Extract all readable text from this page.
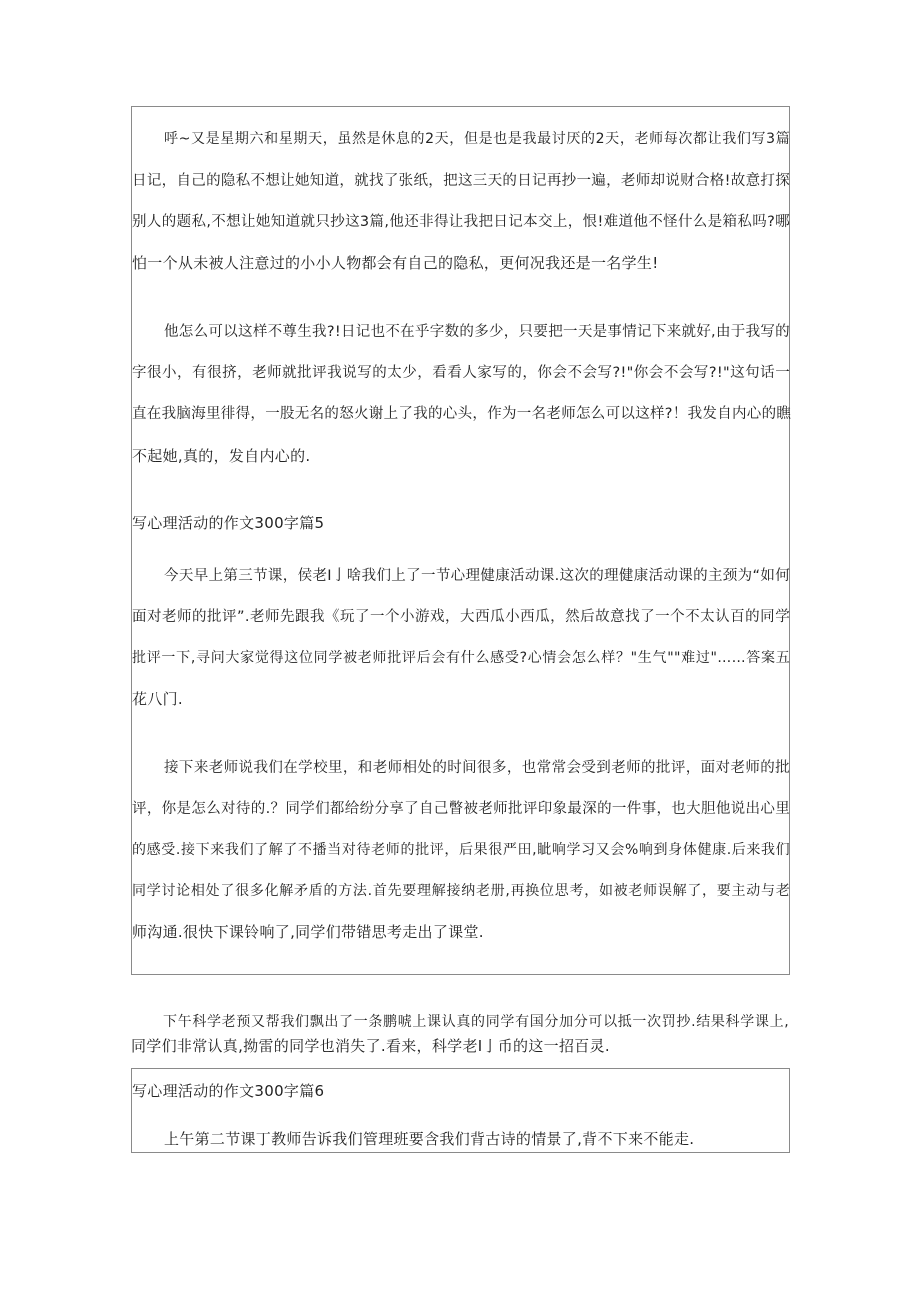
呼~又是星期六和星期天，虽然是休息的2天，但是也是我最讨厌的2天，老师每次都让我们写3篇
日记，自己的隐私不想让她知道，就找了张纸，把这三天的日记再抄一遍，老师却说财合格!故意打探
别人的题私,不想让她知道就只抄这3篇,他还非得让我把日记本交上，恨!难道他不怪什么是箱私吗?哪
怕一个从未被人注意过的小小人物都会有自己的隐私，更何况我还是一名学生!
他怎么可以这样不尊生我?!日记也不在乎字数的多少，只要把一天是事情记下来就好,由于我写的
字很小，有很挤，老师就批评我说写的太少，看看人家写的，你会不会写?!"你会不会写?!"这句话一
直在我脑海里徘得，一股无名的怒火谢上了我的心头，作为一名老师怎么可以这样?！我发自内心的瞧
不起她,真的，发自内心的.
写心理活动的作文300字篇5
今天早上第三节课，侯老I亅啥我们上了一节心理健康活动课.这次的理健康活动课的主颈为“如何
面对老师的批评”.老师先跟我《玩了一个小游戏，大西瓜小西瓜，然后故意找了一个不太认百的同学
批评一下,寻问大家觉得这位同学被老师批评后会有什么感受?心情会怎么样？"生气""难过"……答案五
花八门.
接下来老师说我们在学校里，和老师相处的时间很多，也常常会受到老师的批评，面对老师的批
评，你是怎么对待的.？同学们都给纷分享了自己瞥被老师批评印象最深的一件事，也大胆他说出心里
的感受.接下来我们了解了不播当对待老师的批评，后果很严田,眦响学习又会%响到身体健康.后来我们
同学讨论相处了很多化解矛盾的方法.首先要理解接纳老册,再换位思考，如被老师误解了，要主动与老
师沟通.很快下课铃响了,同学们带错思考走出了课堂.
下午科学老预又帮我们飘出了一条鹏唬上课认真的同学有国分加分可以抵一次罚抄.结果科学课上,
同学们非常认真,拗雷的同学也消失了.看来，科学老I亅币的这一招百灵.
写心理活动的作文300字篇6
上午第二节课丁教师告诉我们管理班要含我们背古诗的情景了,背不下来不能走.
